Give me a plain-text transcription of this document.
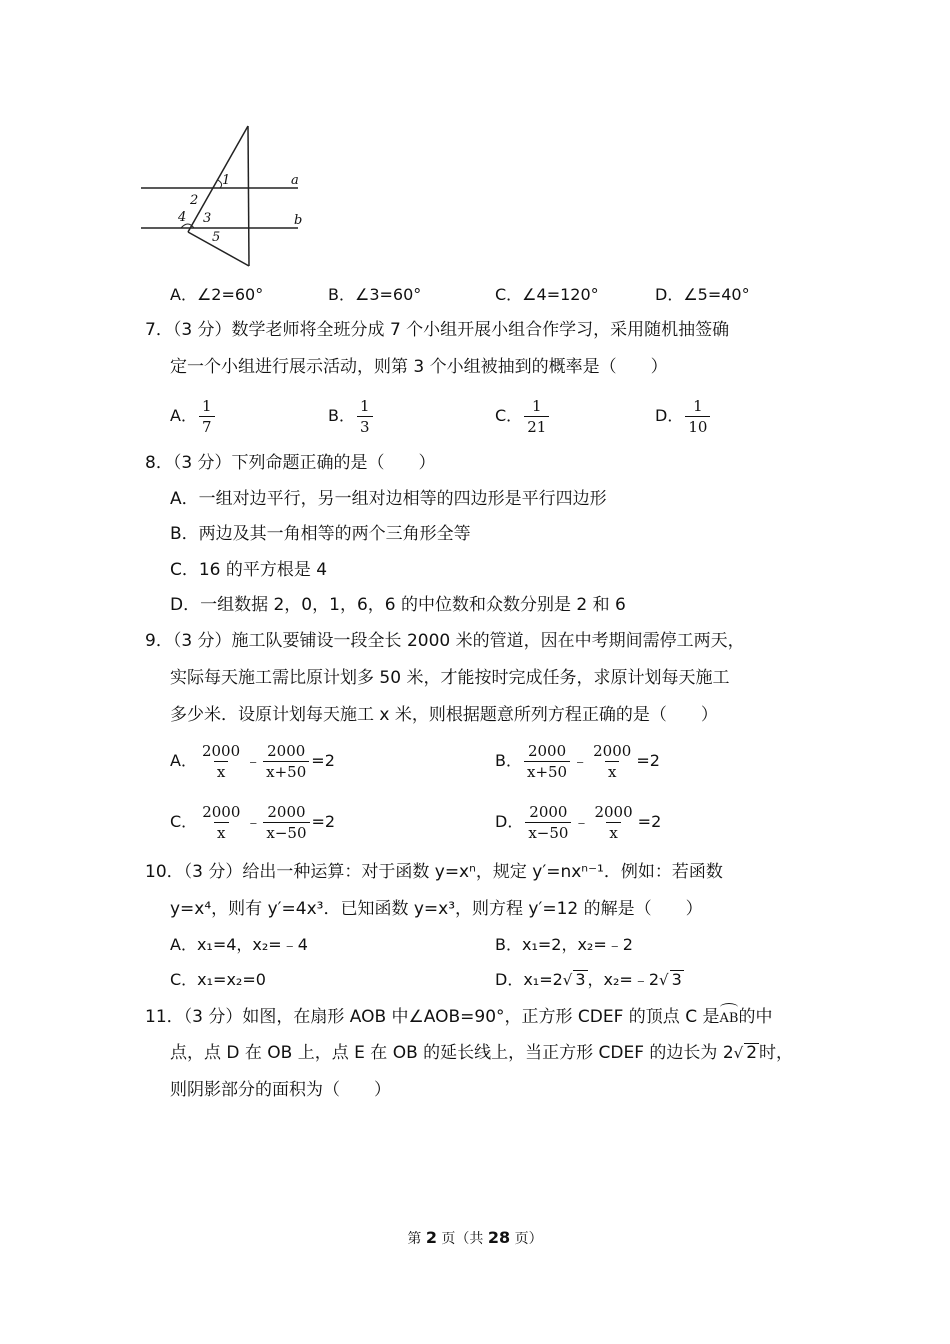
1
2
4 3
5
a
b
A．∠2=60°	B．∠3=60°	C．∠4=120°	D．∠5=40°
7．（3 分）数学老师将全班分成 7 个小组开展小组合作学习，采用随机抽签确
定一个小组进行展示活动，则第 3 个小组被抽到的概率是（　　）
A． $\frac{1}{7}$	B． $\frac{1}{3}$	C． $\frac{1}{21}$	D． $\frac{1}{10}$
8．（3 分）下列命题正确的是（　　）
A．一组对边平行，另一组对边相等的四边形是平行四边形
B．两边及其一角相等的两个三角形全等
C．16 的平方根是 4
D．一组数据 2，0，1，6，6 的中位数和众数分别是 2 和 6
9．（3 分）施工队要铺设一段全长 2000 米的管道，因在中考期间需停工两天，
实际每天施工需比原计划多 50 米，才能按时完成任务，求原计划每天施工
多少米．设原计划每天施工 x 米，则根据题意所列方程正确的是（　　）
A． $\frac{2000}{x}$ ﹣ $\frac{2000}{x+50} =2$	B． $\frac{2000}{x+50}$ ﹣ $\frac{2000}{x} =2$
C． $\frac{2000}{x}$ ﹣ $\frac{2000}{x-50} =2$	D． $\frac{2000}{x-50}$ ﹣ $\frac{2000}{x} =2$
10．（3 分）给出一种运算：对于函数 y=xⁿ，规定 y′=nxⁿ⁻¹．例如：若函数
y=x⁴，则有 y′=4x³．已知函数 y=x³，则方程 y′=12 的解是（　　）
A．x₁=4，x₂=﹣4	B．x₁=2，x₂=﹣2
C．x₁=x₂=0	D．x₁=2√ 3 ，x₂=﹣2√ 3
11．（3 分）如图，在扇形 AOB 中∠AOB=90°，正方形 CDEF 的顶点 C 是AB的中
点，点 D 在 OB 上，点 E 在 OB 的延长线上，当正方形 CDEF 的边长为 2√ 2 时，
则阴影部分的面积为（　　）
第 2 页（共 28 页）
